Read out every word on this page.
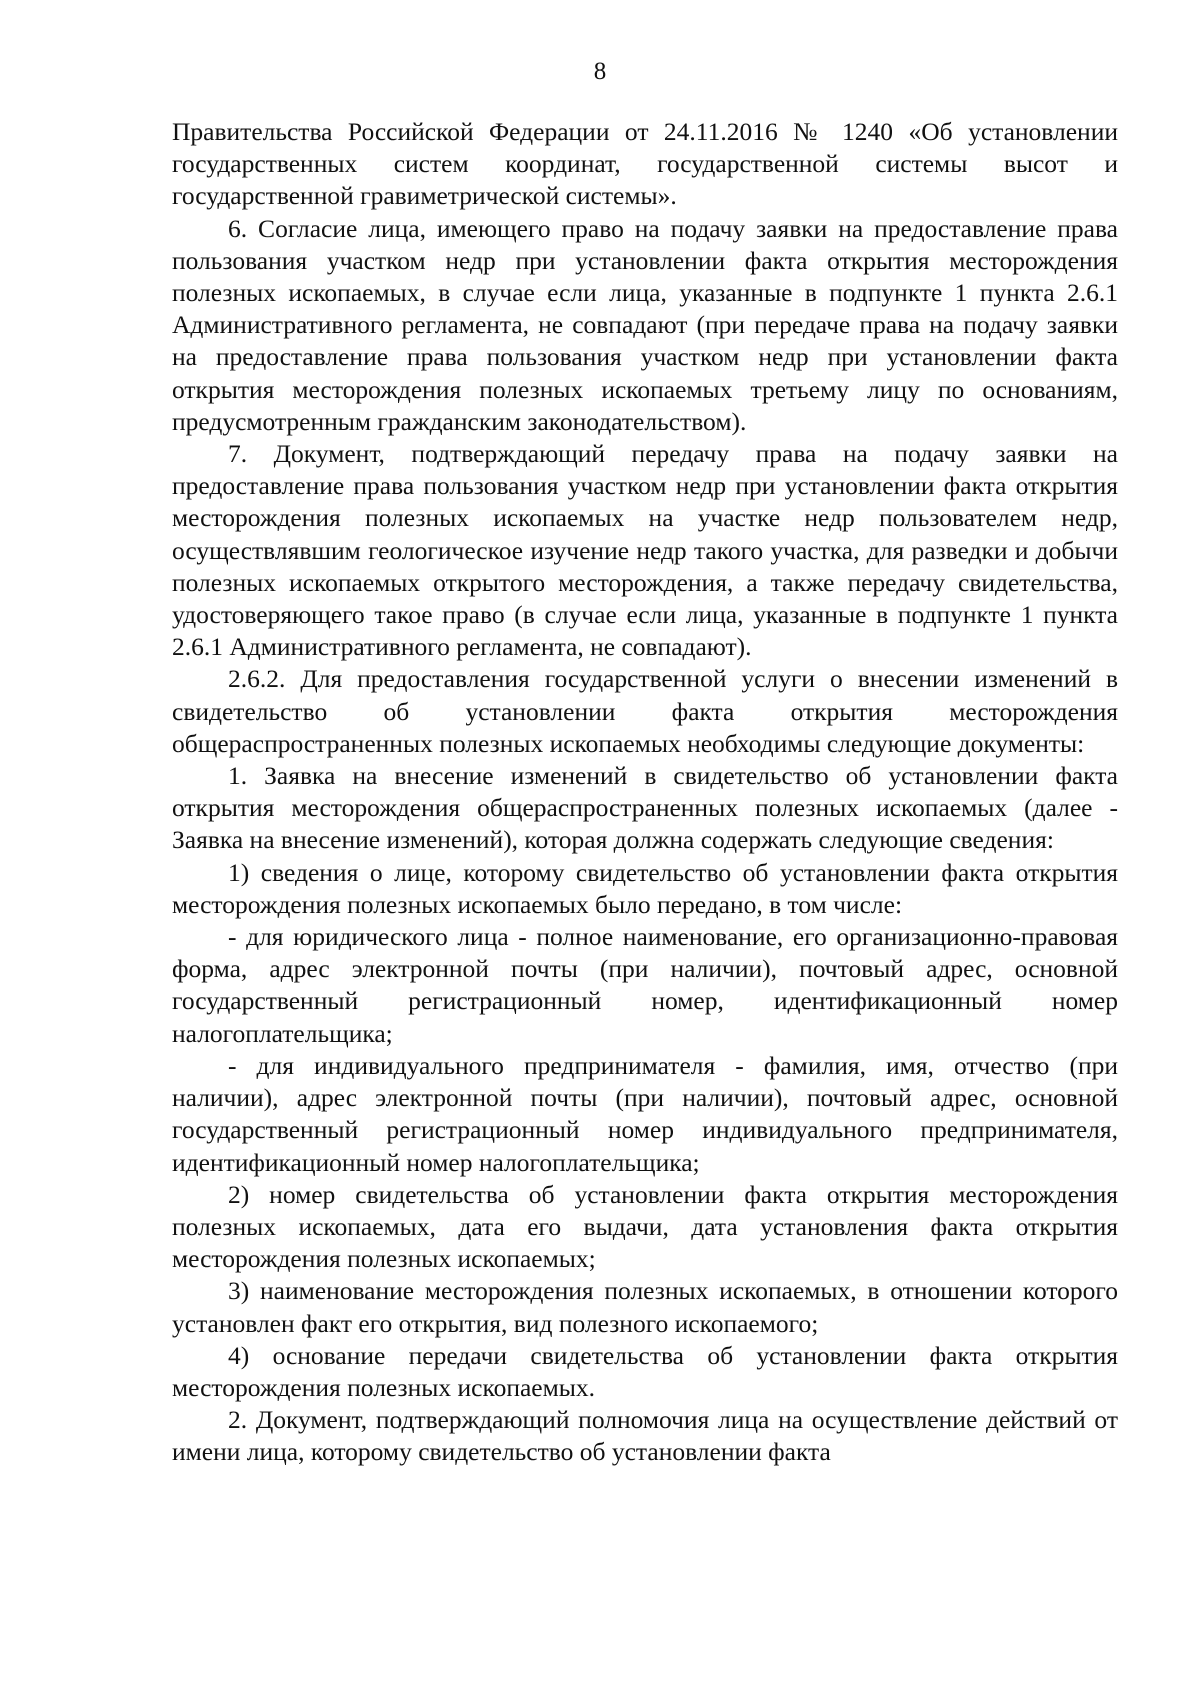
8

Правительства Российской Федерации от 24.11.2016 № 1240 «Об установлении государственных систем координат, государственной системы высот и государственной гравиметрической системы».

6. Согласие лица, имеющего право на подачу заявки на предоставление права пользования участком недр при установлении факта открытия месторождения полезных ископаемых, в случае если лица, указанные в подпункте 1 пункта 2.6.1 Административного регламента, не совпадают (при передаче права на подачу заявки на предоставление права пользования участком недр при установлении факта открытия месторождения полезных ископаемых третьему лицу по основаниям, предусмотренным гражданским законодательством).

7. Документ, подтверждающий передачу права на подачу заявки на предоставление права пользования участком недр при установлении факта открытия месторождения полезных ископаемых на участке недр пользователем недр, осуществлявшим геологическое изучение недр такого участка, для разведки и добычи полезных ископаемых открытого месторождения, а также передачу свидетельства, удостоверяющего такое право (в случае если лица, указанные в подпункте 1 пункта 2.6.1 Административного регламента, не совпадают).

2.6.2. Для предоставления государственной услуги о внесении изменений в свидетельство об установлении факта открытия месторождения общераспространенных полезных ископаемых необходимы следующие документы:

1. Заявка на внесение изменений в свидетельство об установлении факта открытия месторождения общераспространенных полезных ископаемых (далее - Заявка на внесение изменений), которая должна содержать следующие сведения:

1) сведения о лице, которому свидетельство об установлении факта открытия месторождения полезных ископаемых было передано, в том числе:

- для юридического лица - полное наименование, его организационно-правовая форма, адрес электронной почты (при наличии), почтовый адрес, основной государственный регистрационный номер, идентификационный номер налогоплательщика;

- для индивидуального предпринимателя - фамилия, имя, отчество (при наличии), адрес электронной почты (при наличии), почтовый адрес, основной государственный регистрационный номер индивидуального предпринимателя, идентификационный номер налогоплательщика;

2) номер свидетельства об установлении факта открытия месторождения полезных ископаемых, дата его выдачи, дата установления факта открытия месторождения полезных ископаемых;

3) наименование месторождения полезных ископаемых, в отношении которого установлен факт его открытия, вид полезного ископаемого;

4) основание передачи свидетельства об установлении факта открытия месторождения полезных ископаемых.

2. Документ, подтверждающий полномочия лица на осуществление действий от имени лица, которому свидетельство об установлении факта
